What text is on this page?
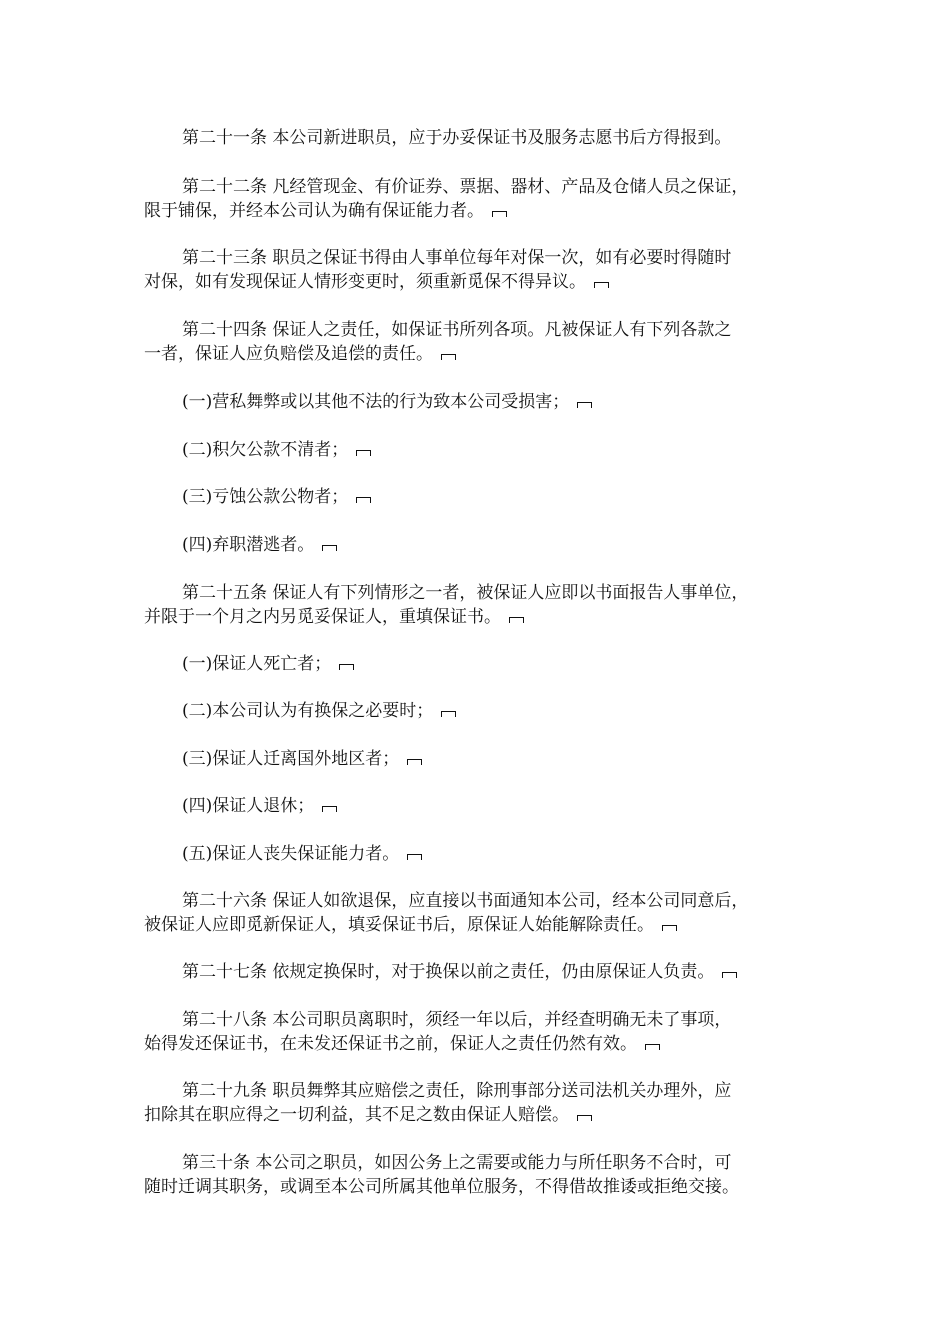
第二十一条 本公司新进职员，应于办妥保证书及服务志愿书后方得报到。
第二十二条 凡经管现金、有价证券、票据、器材、产品及仓储人员之保证，
限于铺保，并经本公司认为确有保证能力者。
第二十三条 职员之保证书得由人事单位每年对保一次，如有必要时得随时
对保，如有发现保证人情形变更时，须重新觅保不得异议。
第二十四条 保证人之责任，如保证书所列各项。凡被保证人有下列各款之
一者，保证人应负赔偿及追偿的责任。
(一)营私舞弊或以其他不法的行为致本公司受损害；
(二)积欠公款不清者；
(三)亏蚀公款公物者；
(四)弃职潜逃者。
第二十五条 保证人有下列情形之一者，被保证人应即以书面报告人事单位，
并限于一个月之内另觅妥保证人，重填保证书。
(一)保证人死亡者；
(二)本公司认为有换保之必要时；
(三)保证人迁离国外地区者；
(四)保证人退休；
(五)保证人丧失保证能力者。
第二十六条 保证人如欲退保，应直接以书面通知本公司，经本公司同意后，
被保证人应即觅新保证人，填妥保证书后，原保证人始能解除责任。
第二十七条 依规定换保时，对于换保以前之责任，仍由原保证人负责。
第二十八条 本公司职员离职时，须经一年以后，并经查明确无未了事项，
始得发还保证书，在未发还保证书之前，保证人之责任仍然有效。
第二十九条 职员舞弊其应赔偿之责任，除刑事部分送司法机关办理外，应
扣除其在职应得之一切利益，其不足之数由保证人赔偿。
第三十条 本公司之职员，如因公务上之需要或能力与所任职务不合时，可
随时迁调其职务，或调至本公司所属其他单位服务，不得借故推诿或拒绝交接。
